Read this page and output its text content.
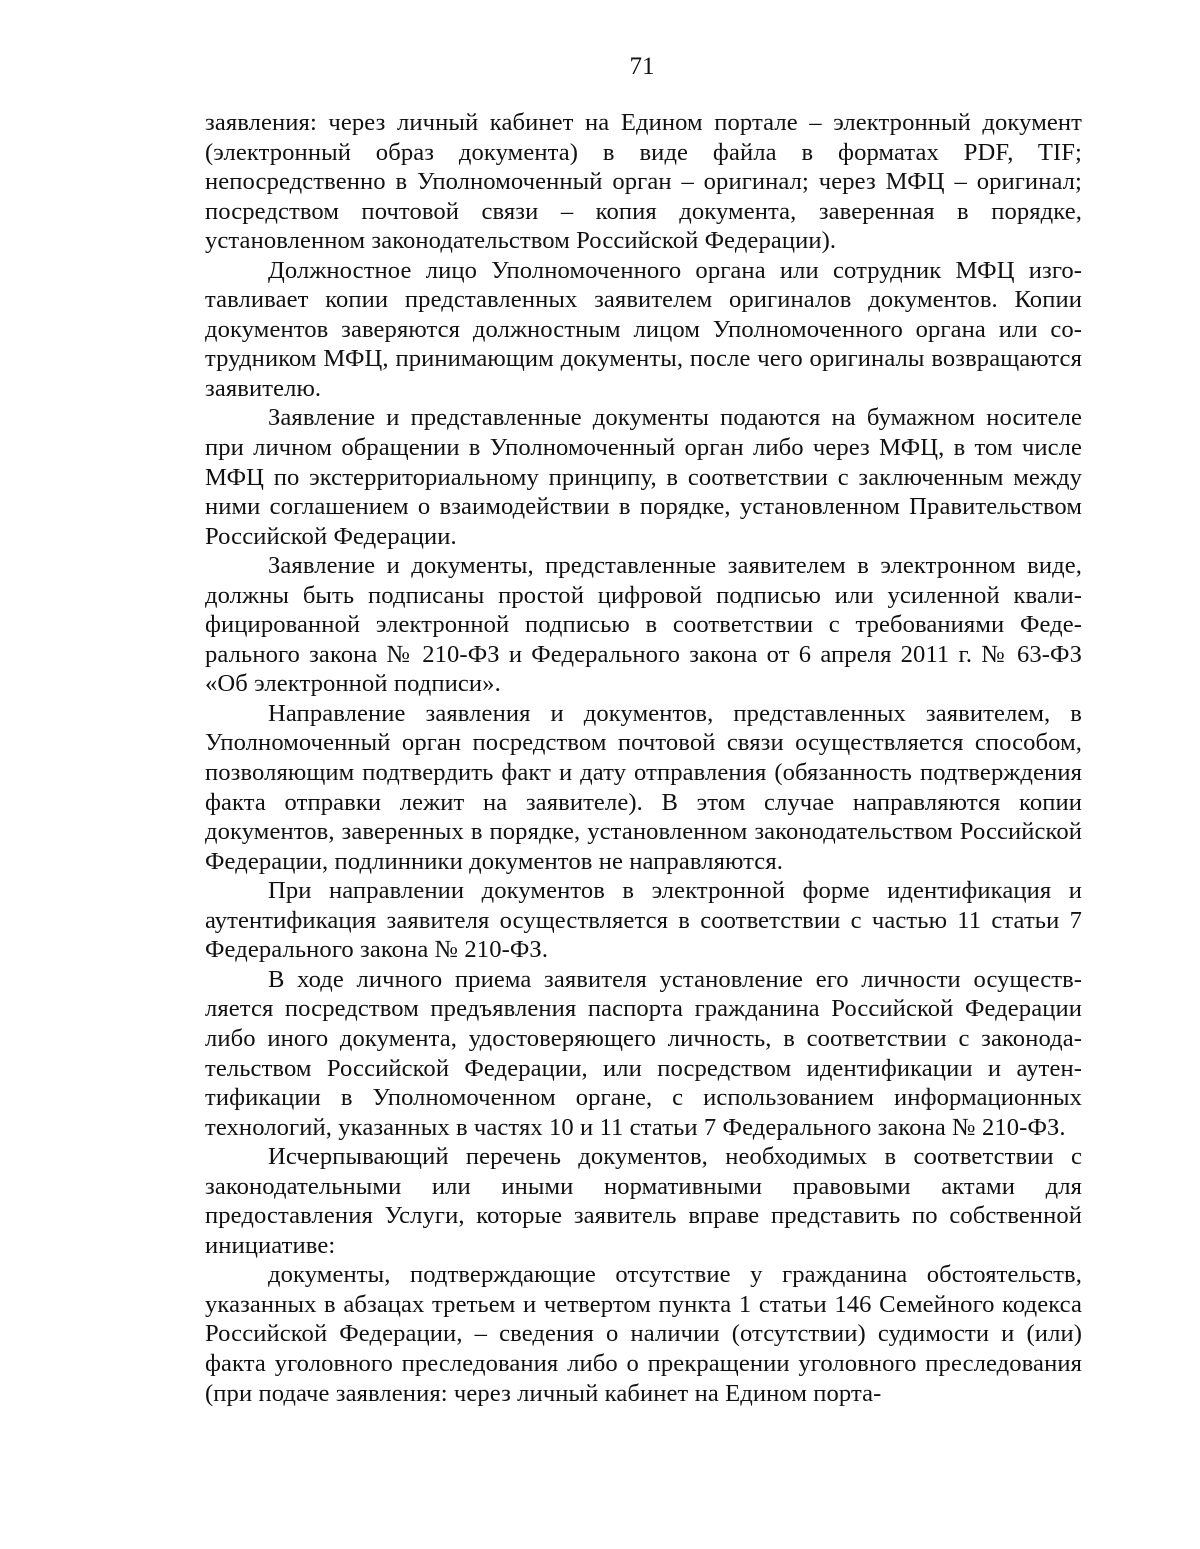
71

заявления: через личный кабинет на Едином портале – электронный документ (электронный образ документа) в виде файла в форматах PDF, TIF; непосредственно в Уполномоченный орган – оригинал; через МФЦ – оригинал; посредством почтовой связи – копия документа, заверенная в порядке, установленном законодательством Российской Федерации).

Должностное лицо Уполномоченного органа или сотрудник МФЦ изготавливает копии представленных заявителем оригиналов документов. Копии документов заверяются должностным лицом Уполномоченного органа или сотрудником МФЦ, принимающим документы, после чего оригиналы возвращаются заявителю.

Заявление и представленные документы подаются на бумажном носителе при личном обращении в Уполномоченный орган либо через МФЦ, в том числе МФЦ по экстерриториальному принципу, в соответствии с заключенным между ними соглашением о взаимодействии в порядке, установленном Правительством Российской Федерации.

Заявление и документы, представленные заявителем в электронном виде, должны быть подписаны простой цифровой подписью или усиленной квалифицированной электронной подписью в соответствии с требованиями Федерального закона № 210-ФЗ и Федерального закона от 6 апреля 2011 г. № 63-ФЗ «Об электронной подписи».

Направление заявления и документов, представленных заявителем, в Уполномоченный орган посредством почтовой связи осуществляется способом, позволяющим подтвердить факт и дату отправления (обязанность подтверждения факта отправки лежит на заявителе). В этом случае направляются копии документов, заверенных в порядке, установленном законодательством Российской Федерации, подлинники документов не направляются.

При направлении документов в электронной форме идентификация и аутентификация заявителя осуществляется в соответствии с частью 11 статьи 7 Федерального закона № 210-ФЗ.

В ходе личного приема заявителя установление его личности осуществляется посредством предъявления паспорта гражданина Российской Федерации либо иного документа, удостоверяющего личность, в соответствии с законодательством Российской Федерации, или посредством идентификации и аутентификации в Уполномоченном органе, с использованием информационных технологий, указанных в частях 10 и 11 статьи 7 Федерального закона № 210-ФЗ.

Исчерпывающий перечень документов, необходимых в соответствии с законодательными или иными нормативными правовыми актами для предоставления Услуги, которые заявитель вправе представить по собственной инициативе:

документы, подтверждающие отсутствие у гражданина обстоятельств, указанных в абзацах третьем и четвертом пункта 1 статьи 146 Семейного кодекса Российской Федерации, – сведения о наличии (отсутствии) судимости и (или) факта уголовного преследования либо о прекращении уголовного преследования (при подаче заявления: через личный кабинет на Едином порта-
